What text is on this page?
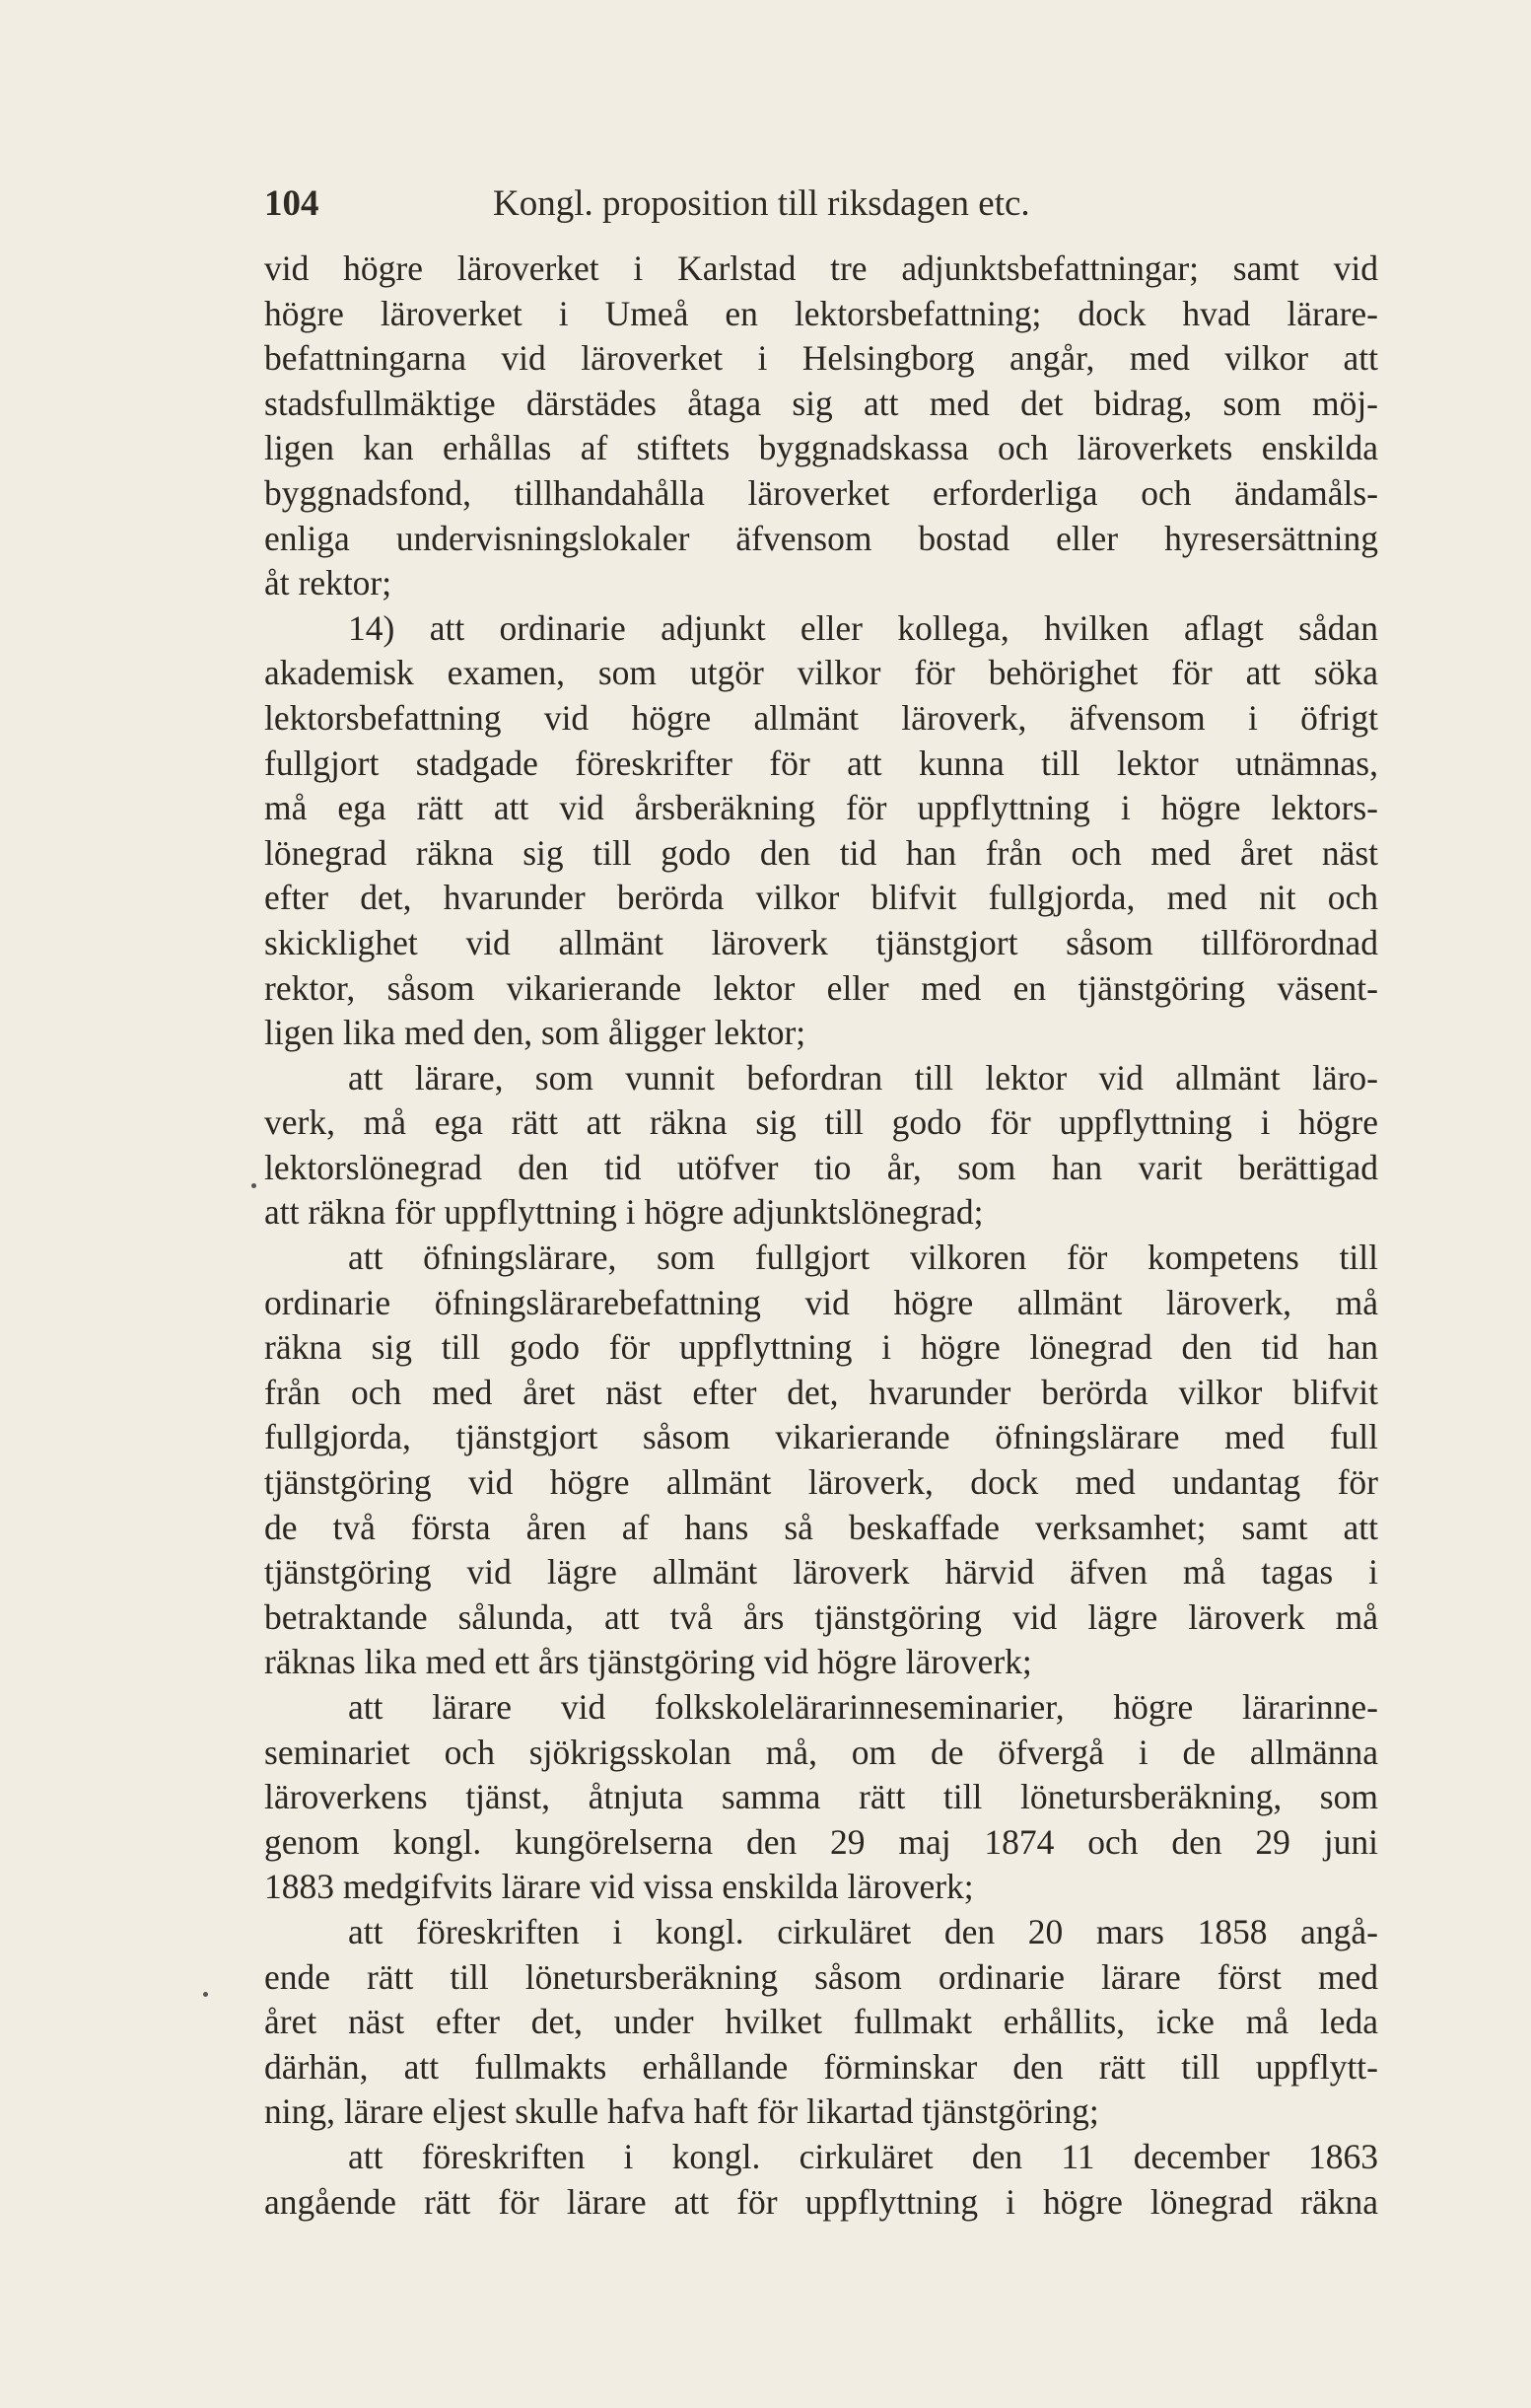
104	Kongl. proposition till riksdagen etc.
vid högre läroverket i Karlstad tre adjunktsbefattningar; samt vid
högre läroverket i Umeå en lektorsbefattning; dock hvad lärare-
befattningarna vid läroverket i Helsingborg angår, med vilkor att
stadsfullmäktige därstädes åtaga sig att med det bidrag, som möj-
ligen kan erhållas af stiftets byggnadskassa och läroverkets enskilda
byggnadsfond, tillhandahålla läroverket erforderliga och ändamåls-
enliga undervisningslokaler äfvensom bostad eller hyresersättning
åt rektor;
14) att ordinarie adjunkt eller kollega, hvilken aflagt sådan
akademisk examen, som utgör vilkor för behörighet för att söka
lektorsbefattning vid högre allmänt läroverk, äfvensom i öfrigt
fullgjort stadgade föreskrifter för att kunna till lektor utnämnas,
må ega rätt att vid årsberäkning för uppflyttning i högre lektors-
lönegrad räkna sig till godo den tid han från och med året näst
efter det, hvarunder berörda vilkor blifvit fullgjorda, med nit och
skicklighet vid allmänt läroverk tjänstgjort såsom tillförordnad
rektor, såsom vikarierande lektor eller med en tjänstgöring väsent-
ligen lika med den, som åligger lektor;
att lärare, som vunnit befordran till lektor vid allmänt läro-
verk, må ega rätt att räkna sig till godo för uppflyttning i högre
lektorslönegrad den tid utöfver tio år, som han varit berättigad
att räkna för uppflyttning i högre adjunktslönegrad;
att öfningslärare, som fullgjort vilkoren för kompetens till
ordinarie öfningslärarebefattning vid högre allmänt läroverk, må
räkna sig till godo för uppflyttning i högre lönegrad den tid han
från och med året näst efter det, hvarunder berörda vilkor blifvit
fullgjorda, tjänstgjort såsom vikarierande öfningslärare med full
tjänstgöring vid högre allmänt läroverk, dock med undantag för
de två första åren af hans så beskaffade verksamhet; samt att
tjänstgöring vid lägre allmänt läroverk härvid äfven må tagas i
betraktande sålunda, att två års tjänstgöring vid lägre läroverk må
räknas lika med ett års tjänstgöring vid högre läroverk;
att lärare vid folkskolelärarinneseminarier, högre lärarinne-
seminariet och sjökrigsskolan må, om de öfvergå i de allmänna
läroverkens tjänst, åtnjuta samma rätt till lönetursberäkning, som
genom kongl. kungörelserna den 29 maj 1874 och den 29 juni
1883 medgifvits lärare vid vissa enskilda läroverk;
att föreskriften i kongl. cirkuläret den 20 mars 1858 angå-
ende rätt till lönetursberäkning såsom ordinarie lärare först med
året näst efter det, under hvilket fullmakt erhållits, icke må leda
därhän, att fullmakts erhållande förminskar den rätt till uppflytt-
ning, lärare eljest skulle hafva haft för likartad tjänstgöring;
att föreskriften i kongl. cirkuläret den 11 december 1863
angående rätt för lärare att för uppflyttning i högre lönegrad räkna
